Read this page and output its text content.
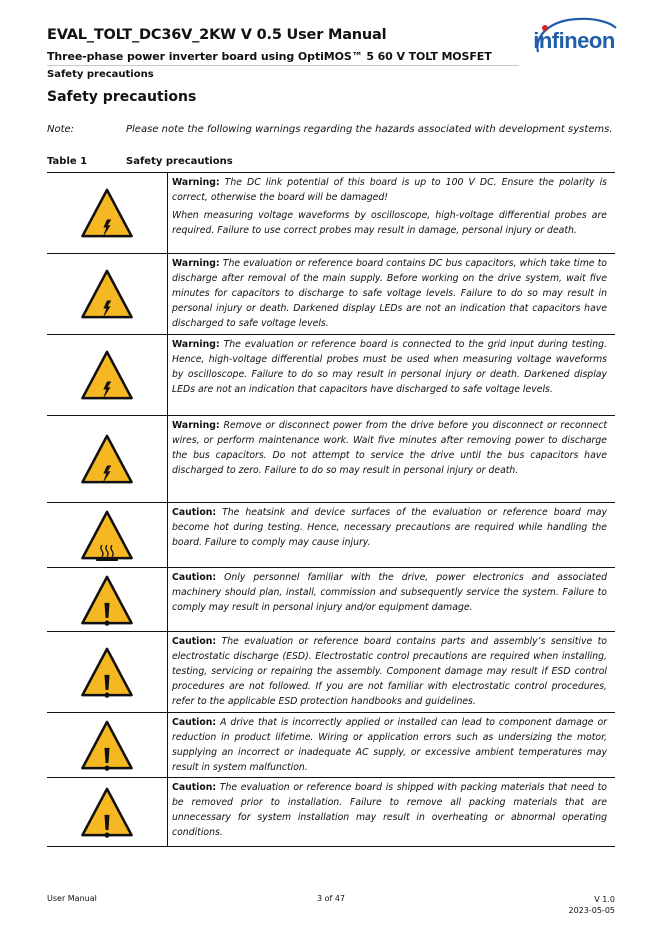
EVAL_TOLT_DC36V_2KW V 0.5 User Manual
Three-phase power inverter board using OptiMOS™ 5 60 V TOLT MOSFET
Safety precautions
infineon
Safety precautions
Note:	Please note the following warnings regarding the hazards associated with development systems.
Table 1	Safety precautions

Warning: The DC link potential of this board is up to 100 V DC. Ensure the polarity is correct, otherwise the board will be damaged!

When measuring voltage waveforms by oscilloscope, high-voltage differential probes are required. Failure to use correct probes may result in damage, personal injury or death.

Warning: The evaluation or reference board contains DC bus capacitors, which take time to discharge after removal of the main supply. Before working on the drive system, wait five minutes for capacitors to discharge to safe voltage levels. Failure to do so may result in personal injury or death. Darkened display LEDs are not an indication that capacitors have discharged to safe voltage levels.

Warning: The evaluation or reference board is connected to the grid input during testing. Hence, high-voltage differential probes must be used when measuring voltage waveforms by oscilloscope. Failure to do so may result in personal injury or death. Darkened display LEDs are not an indication that capacitors have discharged to safe voltage levels.

Warning: Remove or disconnect power from the drive before you disconnect or reconnect wires, or perform maintenance work. Wait five minutes after removing power to discharge the bus capacitors. Do not attempt to service the drive until the bus capacitors have discharged to zero. Failure to do so may result in personal injury or death.

Caution: The heatsink and device surfaces of the evaluation or reference board may become hot during testing. Hence, necessary precautions are required while handling the board. Failure to comply may cause injury.

Caution: Only personnel familiar with the drive, power electronics and associated machinery should plan, install, commission and subsequently service the system. Failure to comply may result in personal injury and/or equipment damage.

Caution: The evaluation or reference board contains parts and assembly’s sensitive to electrostatic discharge (ESD). Electrostatic control precautions are required when installing, testing, servicing or repairing the assembly. Component damage may result if ESD control procedures are not followed. If you are not familiar with electrostatic control procedures, refer to the applicable ESD protection handbooks and guidelines.

Caution: A drive that is incorrectly applied or installed can lead to component damage or reduction in product lifetime. Wiring or application errors such as undersizing the motor, supplying an incorrect or inadequate AC supply, or excessive ambient temperatures may result in system malfunction.

Caution: The evaluation or reference board is shipped with packing materials that need to be removed prior to installation. Failure to remove all packing materials that are unnecessary for system installation may result in overheating or abnormal operating conditions.

User Manual	3 of 47	V 1.0
2023-05-05
